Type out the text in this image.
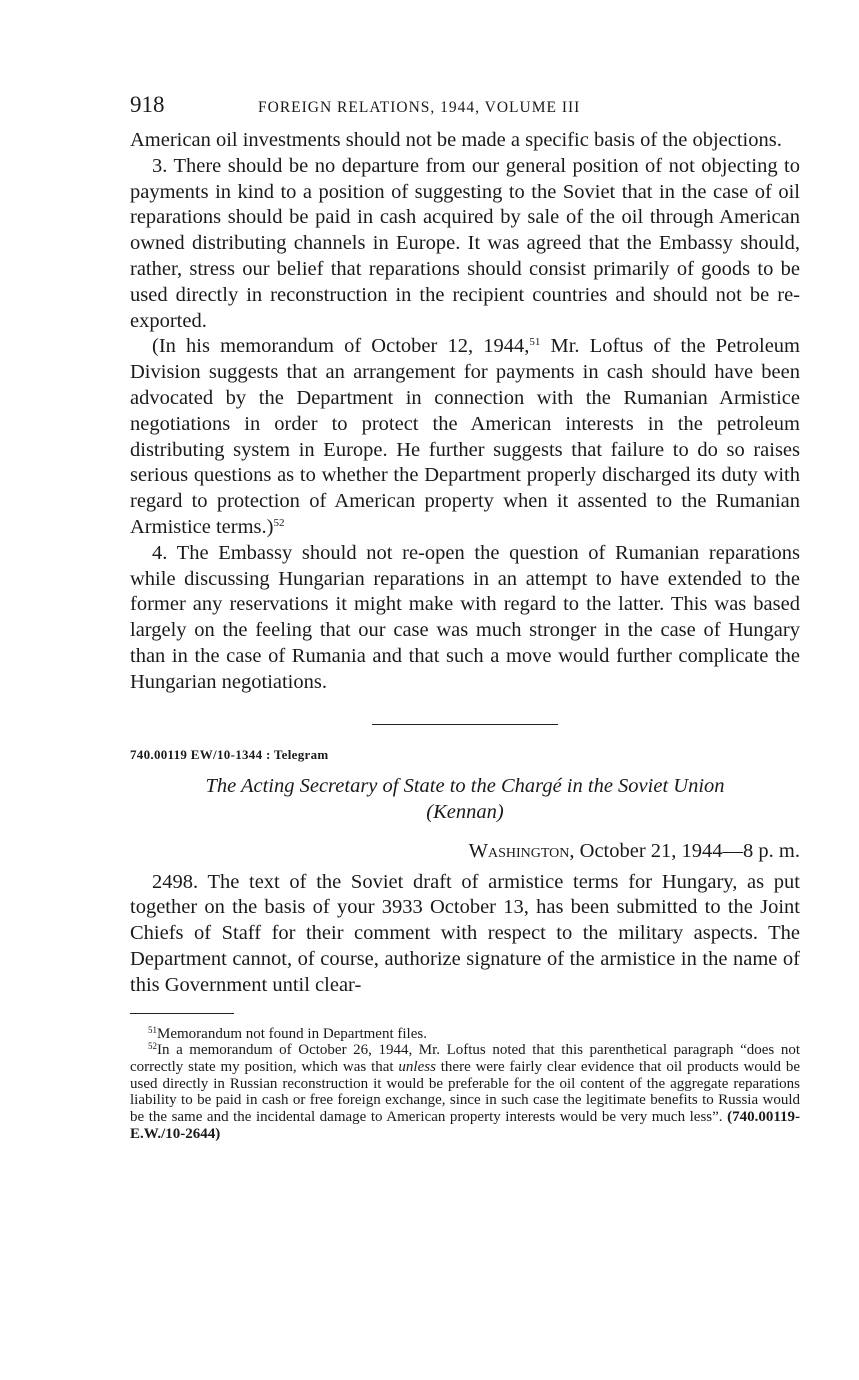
918	FOREIGN RELATIONS, 1944, VOLUME III

American oil investments should not be made a specific basis of the objections.

3. There should be no departure from our general position of not objecting to payments in kind to a position of suggesting to the Soviet that in the case of oil reparations should be paid in cash acquired by sale of the oil through American owned distributing channels in Europe. It was agreed that the Embassy should, rather, stress our belief that reparations should consist primarily of goods to be used directly in reconstruction in the recipient countries and should not be re-exported.

(In his memorandum of October 12, 1944,51 Mr. Loftus of the Petroleum Division suggests that an arrangement for payments in cash should have been advocated by the Department in connection with the Rumanian Armistice negotiations in order to protect the American interests in the petroleum distributing system in Europe. He further suggests that failure to do so raises serious questions as to whether the Department properly discharged its duty with regard to protection of American property when it assented to the Rumanian Armistice terms.)$^{52}$

4. The Embassy should not re-open the question of Rumanian reparations while discussing Hungarian reparations in an attempt to have extended to the former any reservations it might make with regard to the latter. This was based largely on the feeling that our case was much stronger in the case of Hungary than in the case of Rumania and that such a move would further complicate the Hungarian negotiations.

740.00119 EW/10-1344 : Telegram
The Acting Secretary of State to the Chargé in the Soviet Union
(Kennan)
Washington, October 21, 1944—8 p. m.

2498. The text of the Soviet draft of armistice terms for Hungary, as put together on the basis of your 3933 October 13, has been submitted to the Joint Chiefs of Staff for their comment with respect to the military aspects. The Department cannot, of course, authorize signature of the armistice in the name of this Government until clear-

$^{51}$Memorandum not found in Department files.

$^{52}$In a memorandum of October 26, 1944, Mr. Loftus noted that this parenthetical paragraph “does not correctly state my position, which was that unless there were fairly clear evidence that oil products would be used directly in Russian reconstruction it would be preferable for the oil content of the aggregate reparations liability to be paid in cash or free foreign exchange, since in such case the legitimate benefits to Russia would be the same and the incidental damage to American property interests would be very much less”. (740.00119-E.W./10-2644)
